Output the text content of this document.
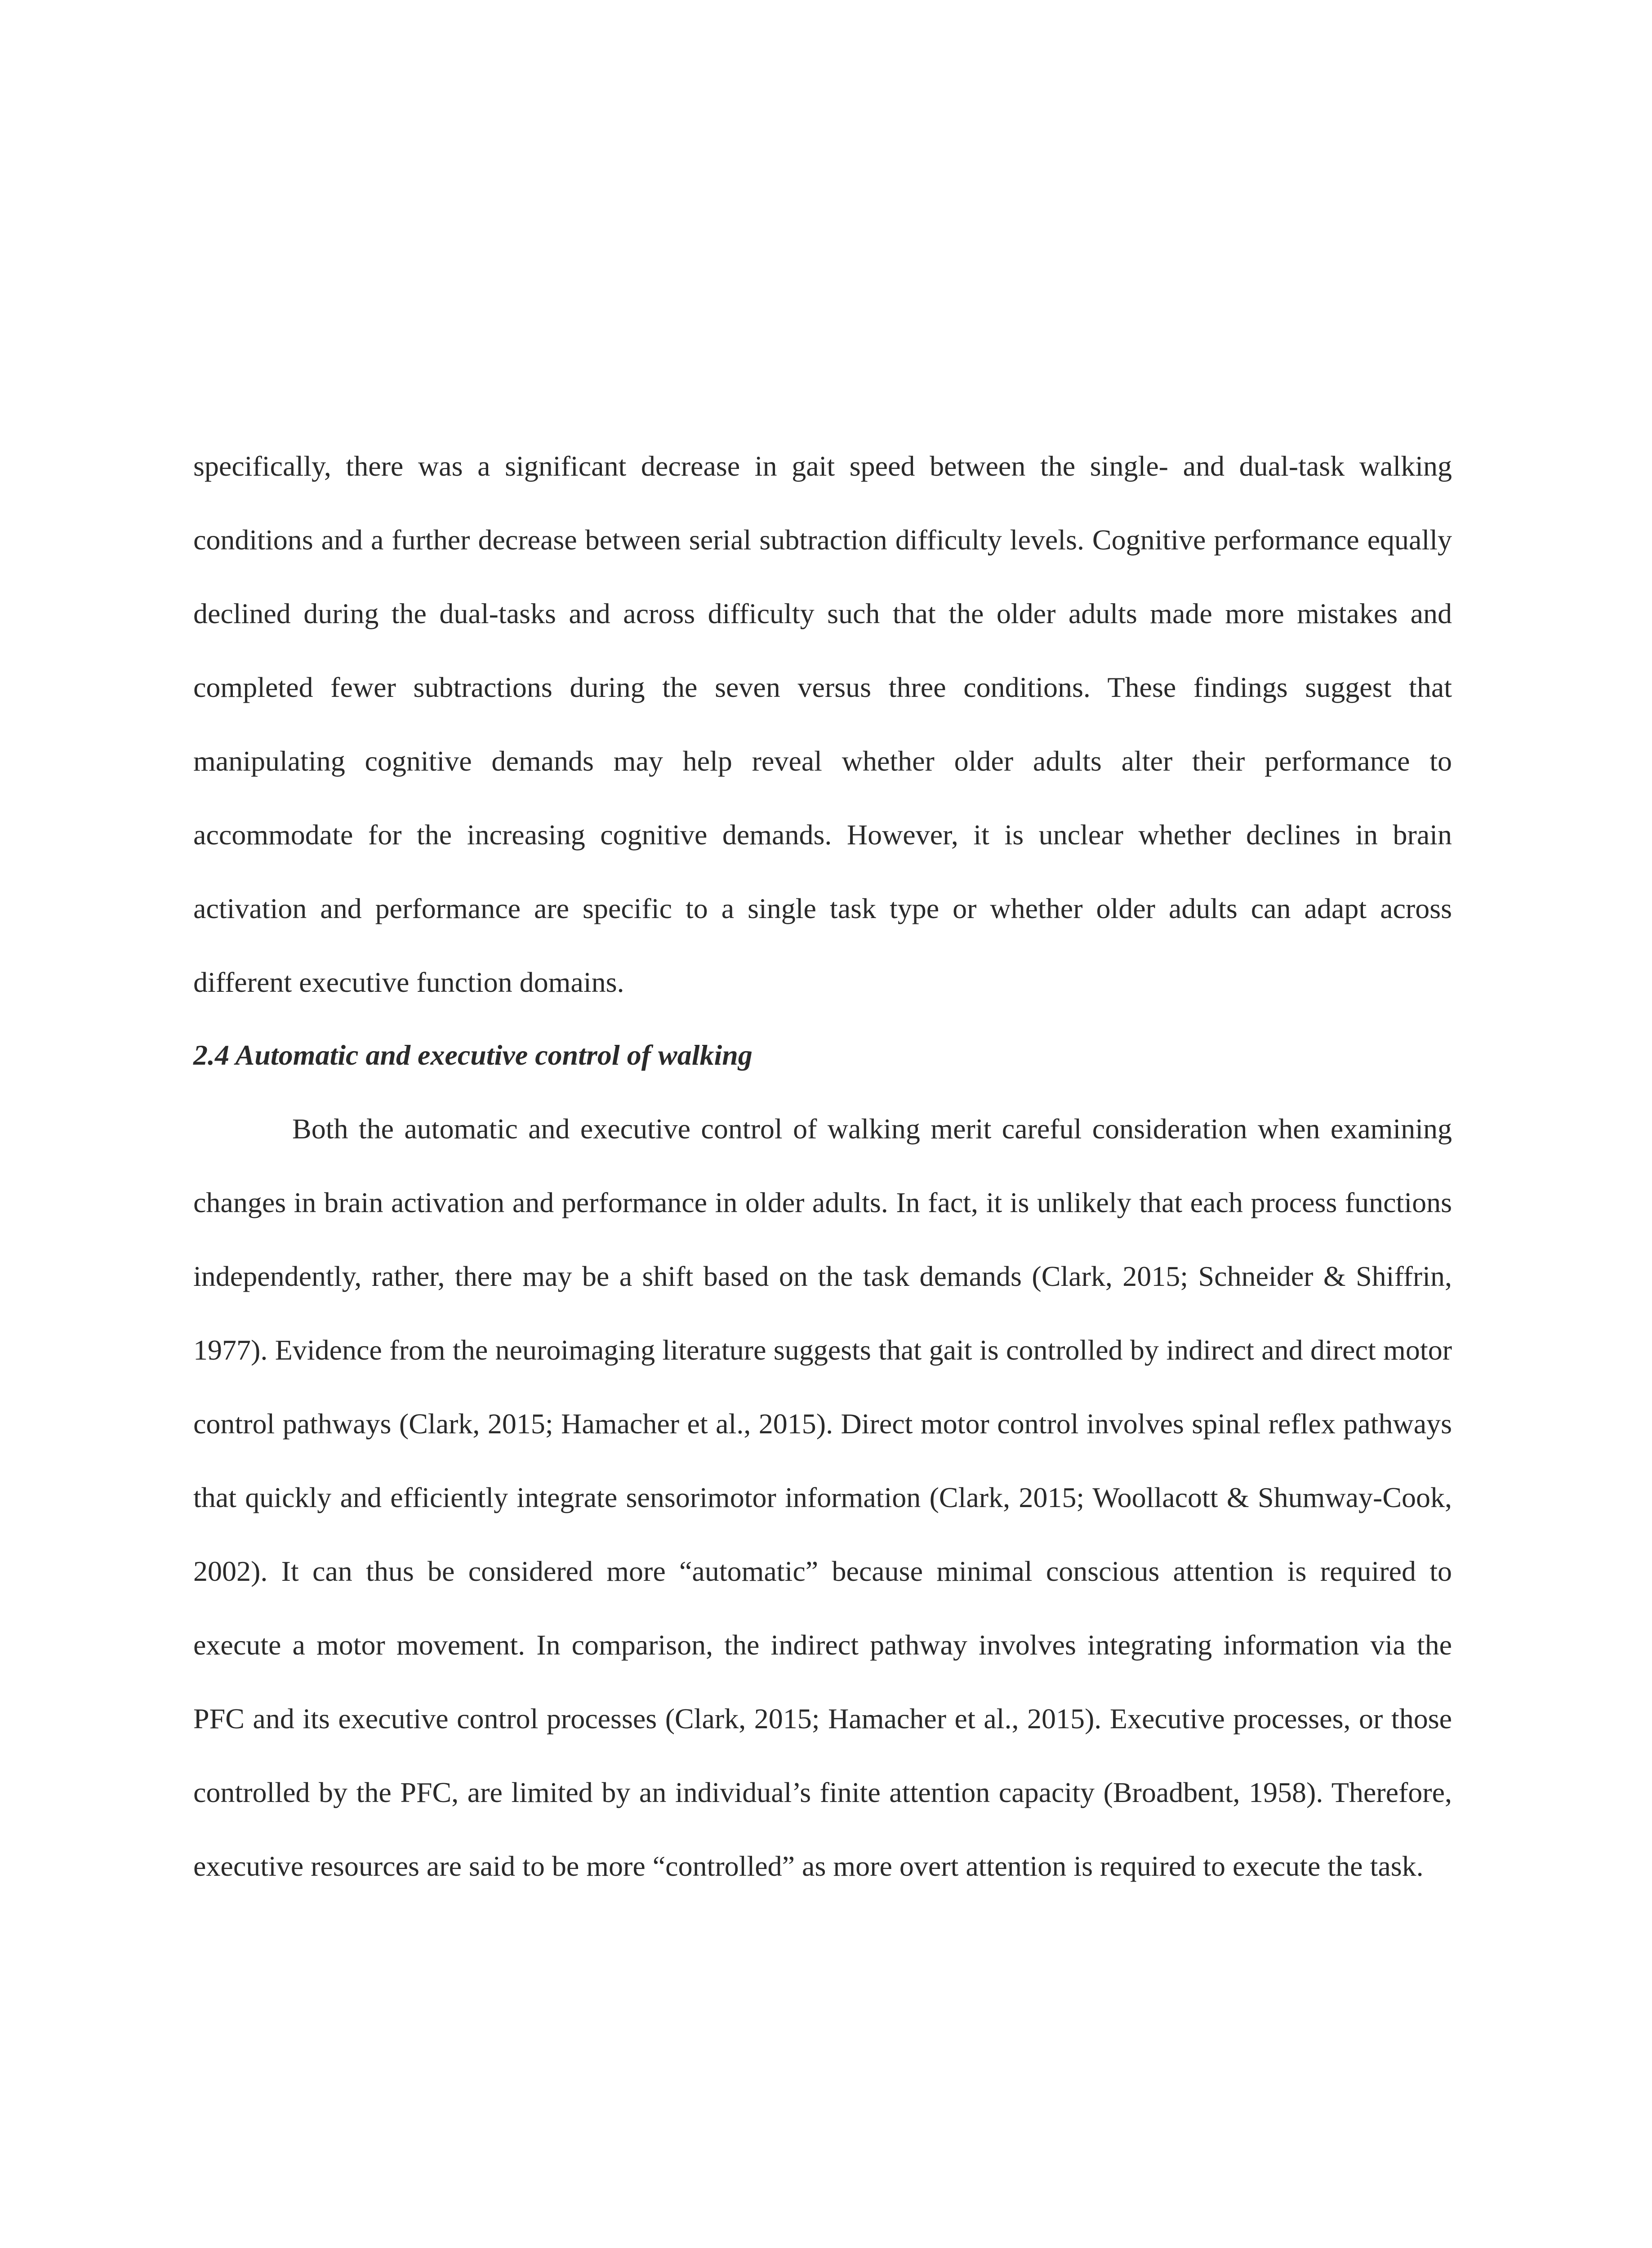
specifically, there was a significant decrease in gait speed between the single- and dual-task walking conditions and a further decrease between serial subtraction difficulty levels. Cognitive performance equally declined during the dual-tasks and across difficulty such that the older adults made more mistakes and completed fewer subtractions during the seven versus three conditions. These findings suggest that manipulating cognitive demands may help reveal whether older adults alter their performance to accommodate for the increasing cognitive demands. However, it is unclear whether declines in brain activation and performance are specific to a single task type or whether older adults can adapt across different executive function domains.

2.4 Automatic and executive control of walking

Both the automatic and executive control of walking merit careful consideration when examining changes in brain activation and performance in older adults. In fact, it is unlikely that each process functions independently, rather, there may be a shift based on the task demands (Clark, 2015; Schneider & Shiffrin, 1977). Evidence from the neuroimaging literature suggests that gait is controlled by indirect and direct motor control pathways (Clark, 2015; Hamacher et al., 2015). Direct motor control involves spinal reflex pathways that quickly and efficiently integrate sensorimotor information (Clark, 2015; Woollacott & Shumway-Cook, 2002). It can thus be considered more “automatic” because minimal conscious attention is required to execute a motor movement. In comparison, the indirect pathway involves integrating information via the PFC and its executive control processes (Clark, 2015; Hamacher et al., 2015). Executive processes, or those controlled by the PFC, are limited by an individual’s finite attention capacity (Broadbent, 1958). Therefore, executive resources are said to be more “controlled” as more overt attention is required to execute the task.
